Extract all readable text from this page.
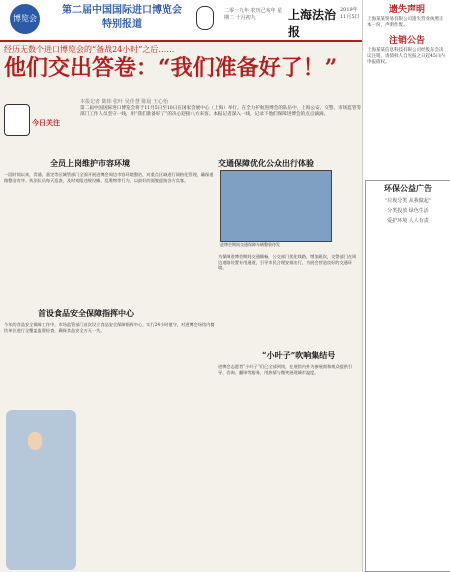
博览会
第二届中国国际进口博览会
特别报道
二零一九年 农历己亥年 星期二 十月初九	上海法治报
2019年11月5日
经历无数个进口博览会的“备战24小时”之后……
他们交出答卷：“我们准备好了！”
本报记者 陈炜 张叶 吴佳慧 陈晨 王心怡
今日关注
第二届中国国际进口博览会将于11月5日至10日在国家会展中心（上海）举行。在全力护航进博会的队伍中，上海公安、交警、市场监管等部门工作人员坚守一线，用“我们准备好了”的决心迎接八方来客。本报记者深入一线，记录下他们保障进博会的点点滴滴。
全员上岗维护市容环境
一段时间以来，青浦、嘉定等区城管部门全面开展进博会周边市容环境整治，对重点区域进行网格化管理，确保道路整洁有序。执法队员每天巡查，及时劝阻违规设摊、乱堆物等行为，以最好的面貌迎接各方宾客。
首设食品安全保障指挥中心
今年的食品安全保障工作中，市场监管部门首次设立食品安全保障指挥中心，实行24小时值守，对进博会场馆内餐饮单位进行全覆盖监督检查，确保食品安全万无一失。
交通保障优化公众出行体验
进博会期间交通保障车辆整装待发
为保障进博会期间交通顺畅，公交部门优化线路，增加班次，交警部门在周边道路设置专用通道，引导市民合理安排出行，为展会营造良好的交通环境。
“小叶子”吹响集结号
进博会志愿者“小叶子”们已全部到岗，在展馆内外为参展商和观众提供引导、咨询、翻译等服务，用热情与微笑展现城市温度。
遗失声明
上海某某贸易有限公司遗失营业执照正本一份，声明作废。
注销公告
上海某某信息科技有限公司经股东会决议注销，请债权人自见报之日起45日内申报债权。
环保公益广告
“垃圾分类 从我做起”
分类投放 绿色生活
爱护环境 人人有责
